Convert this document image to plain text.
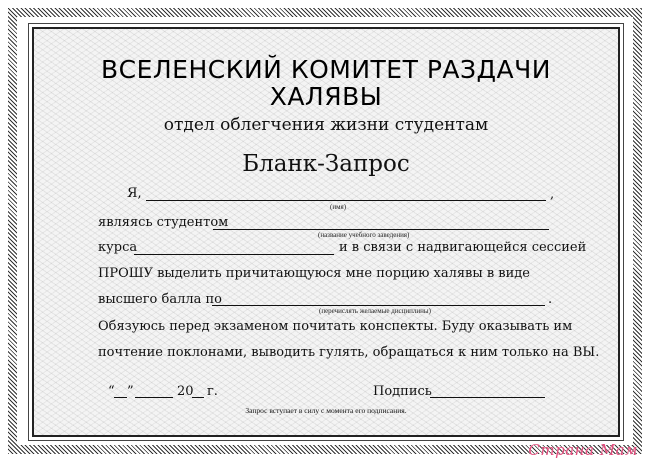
ВСЕЛЕНСКИЙ КОМИТЕТ РАЗДАЧИ
ХАЛЯВЫ
отдел облегчения жизни студентам
Бланк-Запрос
Я,	,
(имя)
являясь студентом
(название учебного заведения)
курса	и в связи с надвигающейся сессией
ПРОШУ выделить причитающуюся мне порцию халявы в виде
высшего балла по	.
(перечислять желаемые дисциплины)
Обязуюсь перед экзаменом почитать конспекты. Буду оказывать им
почтение поклонами, выводить гулять, обращаться к ним только на ВЫ.
“ ”	20 г.	Подпись
Запрос вступает в силу с момента его подписания.
Страна Мам
